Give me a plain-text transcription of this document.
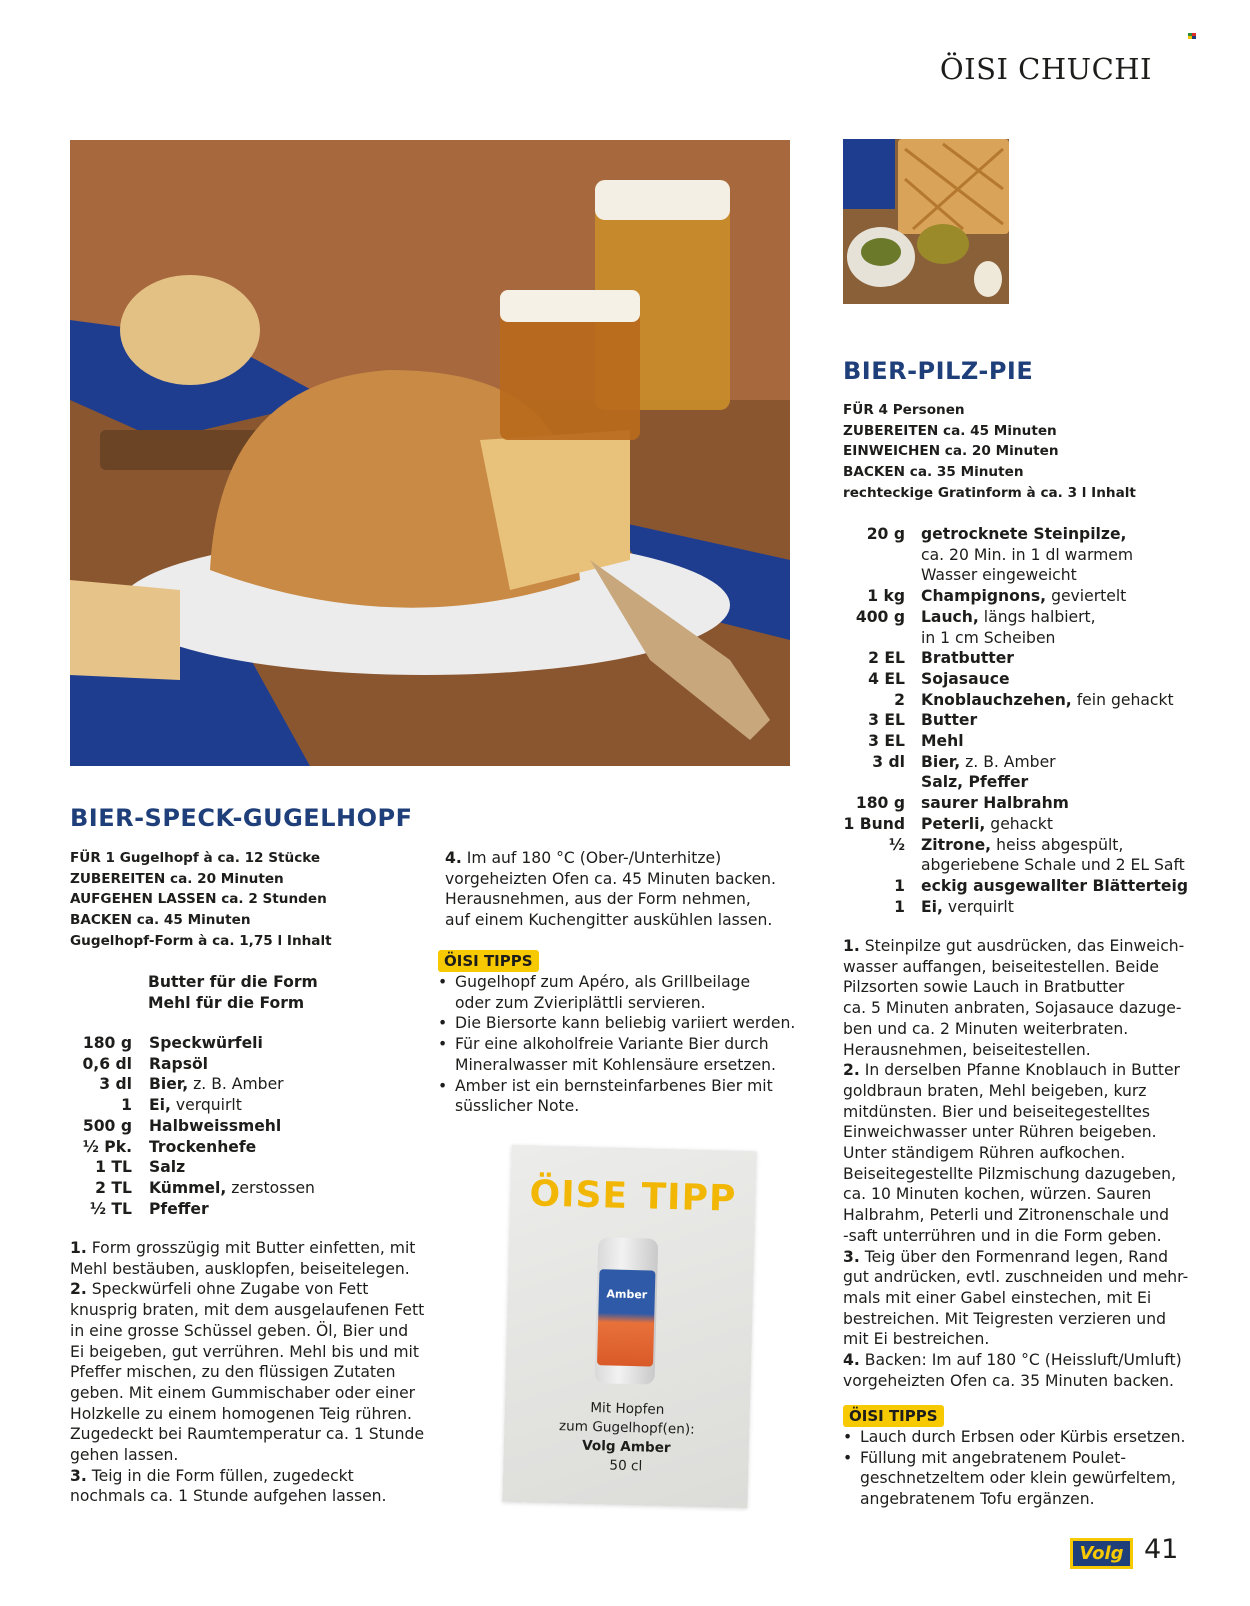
ÖISI CHUCHI
BIER-SPECK-GUGELHOPF
FÜR 1 Gugelhopf à ca. 12 Stücke
ZUBEREITEN ca. 20 Minuten
AUFGEHEN LASSEN ca. 2 Stunden
BACKEN ca. 45 Minuten
Gugelhopf-Form à ca. 1,75 l Inhalt
Butter für die Form
Mehl für die Form
180 g Speckwürfeli
0,6 dl Rapsöl
3 dl Bier, z. B. Amber
1 Ei, verquirlt
500 g Halbweissmehl
½ Pk. Trockenhefe
1 TL Salz
2 TL Kümmel, zerstossen
½ TL Pfeffer
1. Form grosszügig mit Butter einfetten, mit
Mehl bestäuben, ausklopfen, beiseitelegen.
2. Speckwürfeli ohne Zugabe von Fett
knusprig braten, mit dem ausgelaufenen Fett
in eine grosse Schüssel geben. Öl, Bier und
Ei beigeben, gut verrühren. Mehl bis und mit
Pfeffer mischen, zu den flüssigen Zutaten
geben. Mit einem Gummischaber oder einer
Holzkelle zu einem homogenen Teig rühren.
Zugedeckt bei Raumtemperatur ca. 1 Stunde
gehen lassen.
3. Teig in die Form füllen, zugedeckt
nochmals ca. 1 Stunde aufgehen lassen.
4. Im auf 180 °C (Ober-/Unterhitze)
vorgeheizten Ofen ca. 45 Minuten backen.
Herausnehmen, aus der Form nehmen,
auf einem Kuchengitter auskühlen lassen.
ÖISI TIPPS
• Gugelhopf zum Apéro, als Grillbeilage
oder zum Zvieriplättli servieren.
• Die Biersorte kann beliebig variiert werden.
• Für eine alkoholfreie Variante Bier durch
Mineralwasser mit Kohlensäure ersetzen.
• Amber ist ein bernsteinfarbenes Bier mit
süsslicher Note.
ÖISE TIPP
Amber
Mit Hopfen
zum Gugelhopf(en):
Volg Amber
50 cl
BIER-PILZ-PIE
FÜR 4 Personen
ZUBEREITEN ca. 45 Minuten
EINWEICHEN ca. 20 Minuten
BACKEN ca. 35 Minuten
rechteckige Gratinform à ca. 3 l Inhalt
20 g getrocknete Steinpilze,
ca. 20 Min. in 1 dl warmem
Wasser eingeweicht
1 kg Champignons, geviertelt
400 g Lauch, längs halbiert,
in 1 cm Scheiben
2 EL Bratbutter
4 EL Sojasauce
2 Knoblauchzehen, fein gehackt
3 EL Butter
3 EL Mehl
3 dl Bier, z. B. Amber
Salz, Pfeffer
180 g saurer Halbrahm
1 Bund Peterli, gehackt
½ Zitrone, heiss abgespült,
abgeriebene Schale und 2 EL Saft
1 eckig ausgewallter Blätterteig
1 Ei, verquirlt
1. Steinpilze gut ausdrücken, das Einweich-
wasser auffangen, beiseitestellen. Beide
Pilzsorten sowie Lauch in Bratbutter
ca. 5 Minuten anbraten, Sojasauce dazuge-
ben und ca. 2 Minuten weiterbraten.
Herausnehmen, beiseitestellen.
2. In derselben Pfanne Knoblauch in Butter
goldbraun braten, Mehl beigeben, kurz
mitdünsten. Bier und beiseitegestelltes
Einweichwasser unter Rühren beigeben.
Unter ständigem Rühren aufkochen.
Beiseitegestellte Pilzmischung dazugeben,
ca. 10 Minuten kochen, würzen. Sauren
Halbrahm, Peterli und Zitronenschale und
-saft unterrühren und in die Form geben.
3. Teig über den Formenrand legen, Rand
gut andrücken, evtl. zuschneiden und mehr-
mals mit einer Gabel einstechen, mit Ei
bestreichen. Mit Teigresten verzieren und
mit Ei bestreichen.
4. Backen: Im auf 180 °C (Heissluft/Umluft)
vorgeheizten Ofen ca. 35 Minuten backen.
ÖISI TIPPS
• Lauch durch Erbsen oder Kürbis ersetzen.
• Füllung mit angebratenem Poulet-
geschnetzeltem oder klein gewürfeltem,
angebratenem Tofu ergänzen.
Volg 41
